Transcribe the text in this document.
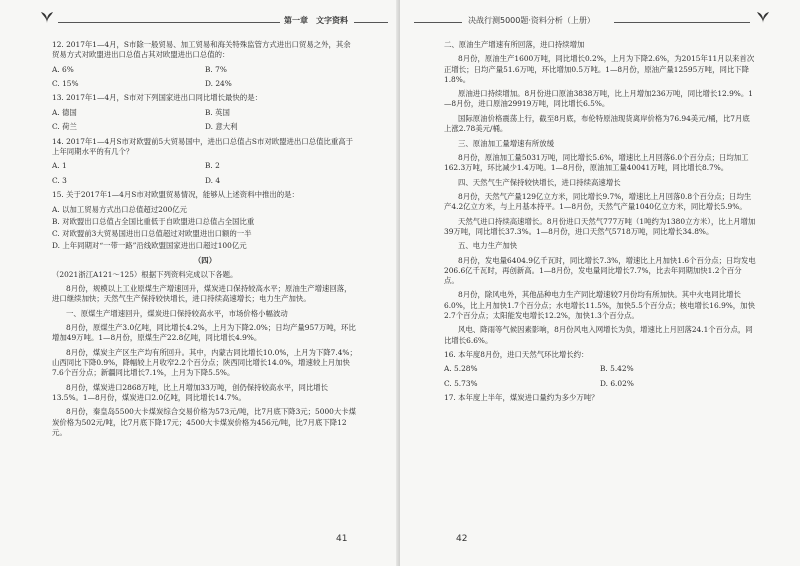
第一章　文字资料

12. 2017年1—4月，S市除一般贸易、加工贸易和海关特殊监管方式进出口贸易之外，其余贸易方式对欧盟进出口总值占其对欧盟进出口总值的：

A. 6%	B. 7%
C. 15%	D. 24%

13. 2017年1—4月，S市对下列国家进出口同比增长最快的是：

A. 德国	B. 英国
C. 荷兰	D. 意大利

14. 2017年1—4月S市对欧盟前5大贸易国中，进出口总值占S市对欧盟进出口总值比重高于上年同期水平的有几个？

A. 1	B. 2
C. 3	D. 4

15. 关于2017年1—4月S市对欧盟贸易情况，能够从上述资料中推出的是：

A. 以加工贸易方式出口总值超过200亿元

B. 对欧盟出口总值占全国比重低于自欧盟进口总值占全国比重

C. 对欧盟前3大贸易国进出口总值超过对欧盟进出口额的一半

D. 上年同期对“一带一路”沿线欧盟国家进出口超过100亿元

（四）

（2021浙江A121～125）根据下列资料完成以下各题。

8月份，规模以上工业原煤生产增速回升，煤炭进口保持较高水平；原油生产增速回落，进口继续加快；天然气生产保持较快增长，进口持续高速增长；电力生产加快。

一、原煤生产增速回升，煤炭进口保持较高水平，市场价格小幅波动

8月份，原煤生产3.0亿吨，同比增长4.2%，上月为下降2.0%；日均产量957万吨，环比增加49万吨。1—8月份，原煤生产22.8亿吨，同比增长4.9%。

8月份，煤炭主产区生产均有所回升。其中，内蒙古同比增长10.0%，上月为下降7.4%；山西同比下降0.9%，降幅较上月收窄2.2个百分点；陕西同比增长14.0%，增速较上月加快7.6个百分点；新疆同比增长7.1%，上月为下降5.5%。

8月份，煤炭进口2868万吨，比上月增加33万吨，创仍保持较高水平，同比增长13.5%。1—8月份，煤炭进口2.0亿吨，同比增长14.7%。

8月份，秦皇岛5500大卡煤炭综合交易价格为573元/吨，比7月底下降3元；5000大卡煤炭价格为502元/吨，比7月底下降17元；4500大卡煤炭价格为456元/吨，比7月底下降12元。

41
决战行测5000题·资料分析（上册）

二、原油生产增速有所回落，进口持续增加

8月份，原油生产1600万吨，同比增长0.2%，上月为下降2.6%，为2015年11月以来首次正增长；日均产量51.6万吨，环比增加0.5万吨。1—8月份，原油产量12595万吨，同比下降1.8%。

原油进口持续增加。8月份进口原油3838万吨，比上月增加236万吨，同比增长12.9%。1—8月份，进口原油29919万吨，同比增长6.5%。

国际原油价格震荡上行，截至8月底，布伦特原油现货离岸价格为76.94美元/桶，比7月底上涨2.78美元/桶。

三、原油加工量增速有所放缓

8月份，原油加工量5031万吨，同比增长5.6%，增速比上月回落6.0个百分点；日均加工162.3万吨，环比减少1.4万吨。1—8月份，原油加工量40041万吨，同比增长8.7%。

四、天然气生产保持较快增长，进口持续高速增长

8月份，天然气产量129亿立方米，同比增长9.7%，增速比上月回落0.8个百分点；日均生产4.2亿立方米，与上月基本持平。1—8月份，天然气产量1040亿立方米，同比增长5.9%。

天然气进口持续高速增长。8月份进口天然气777万吨（1吨约为1380立方米），比上月增加39万吨，同比增长37.3%。1—8月份，进口天然气5718万吨，同比增长34.8%。

五、电力生产加快

8月份，发电量6404.9亿千瓦时，同比增长7.3%，增速比上月加快1.6个百分点；日均发电206.6亿千瓦时，再创新高。1—8月份，发电量同比增长7.7%，比去年同期加快1.2个百分点。

8月份，除风电外，其他品种电力生产同比增速较7月份均有所加快。其中火电同比增长6.0%，比上月加快1.7个百分点；水电增长11.5%，加快5.5个百分点；核电增长16.9%，加快2.7个百分点；太阳能发电增长12.2%，加快1.3个百分点。

风电、降雨等气候因素影响，8月份风电入网增长为负，增速比上月回落24.1个百分点，同比增长6.6%。

16. 本年度8月份，进口天然气环比增长约：

A. 5.28%	B. 5.42%
C. 5.73%	D. 6.02%

17. 本年度上半年，煤炭进口量约为多少万吨？

42
